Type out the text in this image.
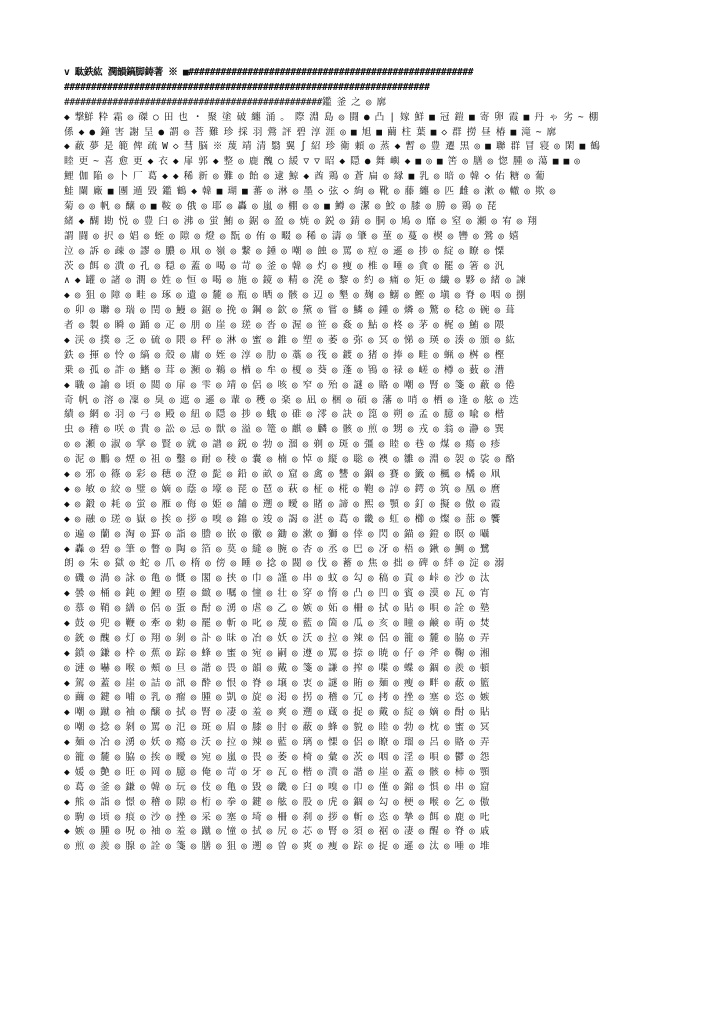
v 駄鉄紘 潤韻鎬脚鋳著 ※ ■#####################################################
####################################################################
################################################鑑 釜 之 ◎ 廓
◆ 撃鮮 粋 霜 ◎ 磔 ○ 田 也 ・ 聚 塗 破 纏 涌 。 際 淵 島 ◎ 闘 ● 凸 | 嫁 鮮 ■ 冠 鎧 ■ 寄 卵 霞 ■ 丹 ゃ 劣 ~ 棚
係 ◆ ● 鐘 害 謝 呈 ● 謂 ◎ 菩 難 珍 採 羽 鶯 評 碧 淳 涯 ◎ ■ 旭 ■ 繭 柱 葉 ■ ◇ 群 撈 昼 椿 ■ 滝 ~ 廓
◆ 蔽 夢 是 範 俾 疏 W ◇ 彗 脳 ※ 蔑 靖 清 翳 翼 ∫ 紹 珍 衛 頼 ◎ 蒸 ◆ 暫 ◎ 豊 遷 黒 ◎ ■ 聯 群 冒 寝 ◎ 閑 ■ 鶴
睦 更 ~ 喜 愈 更 ◆ 衣 ◆ 扉 郭 ◆ 整 ◎ 鹿 醜 ○ 緩 ▽ ▽ 昭 ◆ 隠 ● 舞 嶼 ◆ ■ ◎ ■ 筈 ◎ 膳 ◎ 惚 腫 ◎ 蕩 ■ ■ ◎
鯉 伽 陥 ◎ 卜 厂 葛 ◆ ◆ 稀 新 ◎ 難 ◎ 飴 ◎ 逮 鯨 ◆ 酋 鶏 ◎ 蒼 扁 ◎ 縁 ■ 乳 ◎ 暗 ◎ 韓 ◇ 佑 糖 ◎ 葡
鮭 闌 廠 ■ 團 遁 毀 鑑 鶴 ◆ 韓 ■ 瑚 ■ 蕃 ◎ 淋 ◎ 墨 ◇ 弦 ◇ 絢 ◎ 靴 ◎ 藤 纏 ◎ 匹 雌 ◎ 漱 ◎ 轍 ◎ 欺 ◎
菊 ◎ ◎ 帆 ◎ 醸 ◎ ■ 鞍 ◎ 俄 ◎ 耶 ◎ 轟 ◎ 嵐 ◎ 棚 ◎ ◎ ■ 鱒 ◎ 潔 ◎ 鮫 ◎ 膝 ◎ 勝 ◎ 鶏 ◎ 琵
緒 ◆ 醐 勘 悦 ◎ 豊 臼 ◎ 沸 ◎ 蛍 鮪 ◎ 鋸 ◎ 盈 ◎ 焼 ◎ 鋭 ◎ 錆 ◎ 胴 ◎ 鳩 ◎ 靡 ◎ 窒 ◎ 瀬 ◎ 宥 ◎ 翔
謂 闘 ◎ 択 ◎ 娼 ◎ 蛭 ◎ 隙 ◎ 燈 ◎ 翫 ◎ 侑 ◎ 畷 ◎ 稀 ◎ 濤 ◎ 肇 ◎ 菫 ◎ 蔓 ◎ 楔 ◎ 轡 ◎ 鶯 ◎ 嬉
泣 ◎ 訴 ◎ 疎 ◎ 謬 ◎ 膿 ◎ 凧 ◎ 嶺 ◎ 繋 ◎ 錘 ◎ 嘲 ◎ 蝕 ◎ 罵 ◎ 痘 ◎ 遜 ◎ 捗 ◎ 綻 ◎ 瞭 ◎ 慄
茨 ◎ 餌 ◎ 潰 ◎ 孔 ◎ 穏 ◎ 蓋 ◎ 喝 ◎ 苛 ◎ 釜 ◎ 韓 ◎ 灼 ◎ 痩 ◎ 椎 ◎ 唾 ◎ 貪 ◎ 罷 ◎ 箸 ◎ 汎
∧ ◆ 罐 ◎ 諸 ◎ 潤 ◎ 姓 ◎ 恒 ◎ 喝 ◎ 施 ◎ 鏡 ◎ 精 ◎ 溌 ◎ 黎 ◎ 約 ◎ 痛 ◎ 矩 ◎ 繊 ◎ 夥 ◎ 緒 ◎ 諫
◆ ◎ 狙 ◎ 障 ◎ 畦 ◎ 琢 ◎ 遺 ◎ 麓 ◎ 瓶 ◎ 晒 ◎ 骸 ◎ 辺 ◎ 墾 ◎ 麹 ◎ 鰯 ◎ 鰹 ◎ 塡 ◎ 脊 ◎ 咽 ◎ 捌
◎ 卯 ◎ 聯 ◎ 瑞 ◎ 閏 ◎ 鰻 ◎ 鋸 ◎ 挽 ◎ 鋼 ◎ 欽 ◎ 黛 ◎ 嘗 ◎ 鱗 ◎ 鍾 ◎ 燐 ◎ 驚 ◎ 稔 ◎ 碗 ◎ 葺
者 ◎ 製 ◎ 瞬 ◎ 踊 ◎ 疋 ◎ 朋 ◎ 崖 ◎ 瑳 ◎ 沓 ◎ 渥 ◎ 笹 ◎ 姦 ◎ 鮎 ◎ 柊 ◎ 茅 ◎ 梶 ◎ 鮪 ◎ 隈
◆ 渓 ◎ 撲 ◎ 乏 ◎ 硫 ◎ 隈 ◎ 秤 ◎ 淋 ◎ 蜜 ◎ 錐 ◎ 塑 ◎ 萎 ◎ 弥 ◎ 冥 ◎ 悌 ◎ 瑛 ◎ 湊 ◎ 頒 ◎ 紘
鉄 ◎ 揮 ◎ 怜 ◎ 縞 ◎ 殻 ◎ 庸 ◎ 姪 ◎ 淳 ◎ 肋 ◎ 藁 ◎ 筏 ◎ 鍍 ◎ 猪 ◎ 捧 ◎ 畦 ◎ 蝋 ◎ 桝 ◎ 樫
乗 ◎ 孤 ◎ 詐 ◎ 鰭 ◎ 茸 ◎ 瀕 ◎ 鵜 ◎ 楢 ◎ 牟 ◎ 榎 ◎ 葵 ◎ 蓬 ◎ 鴇 ◎ 禄 ◎ 嵯 ◎ 樽 ◎ 薮 ◎ 漕
◆ 職 ◎ 諭 ◎ 頃 ◎ 閲 ◎ 扉 ◎ 雫 ◎ 靖 ◎ 侶 ◎ 咳 ◎ 窄 ◎ 殆 ◎ 謎 ◎ 賂 ◎ 嘲 ◎ 腎 ◎ 箋 ◎ 蔽 ◎ 倦
奇 帆 ◎ 溶 ◎ 凜 ◎ 臭 ◎ 遮 ◎ 遜 ◎ 輩 ◎ 穫 ◎ 楽 ◎ 凪 ◎ 梱 ◎ 碩 ◎ 藩 ◎ 哨 ◎ 栖 ◎ 逢 ◎ 舷 ◎ 迭
績 ◎ 網 ◎ 羽 ◎ 弓 ◎ 殿 ◎ 紐 ◎ 隠 ◎ 捗 ◎ 蛾 ◎ 碓 ◎ 澪 ◎ 訣 ◎ 箆 ◎ 朔 ◎ 孟 ◎ 臆 ◎ 喩 ◎ 楷
虫 ◎ 稽 ◎ 咲 ◎ 貴 ◎ 訟 ◎ 忌 ◎ 獣 ◎ 溢 ◎ 篭 ◎ 麒 ◎ 麟 ◎ 骸 ◎ 煎 ◎ 甥 ◎ 戎 ◎ 翁 ◎ 瀞 ◎ 巽
◎ ◎ 瀬 ◎ 淑 ◎ 掌 ◎ 賢 ◎ 就 ◎ 譜 ◎ 鋭 ◎ 勃 ◎ 溜 ◎ 剃 ◎ 斑 ◎ 彊 ◎ 睦 ◎ 巷 ◎ 煤 ◎ 瘍 ◎ 疹
◎ 泥 ◎ 鵬 ◎ 煙 ◎ 祖 ◎ 鑿 ◎ 耐 ◎ 稜 ◎ 嚢 ◎ 楠 ◎ 悼 ◎ 縦 ◎ 聡 ◎ 襖 ◎ 雛 ◎ 淵 ◎ 袈 ◎ 裟 ◎ 酪
◆ ◎ 邪 ◎ 篠 ◎ 彩 ◎ 穂 ◎ 澄 ◎ 髭 ◎ 鉛 ◎ 畝 ◎ 窟 ◎ 禽 ◎ 讐 ◎ 錮 ◎ 賽 ◎ 籤 ◎ 楓 ◎ 橘 ◎ 凧
◆ ◎ 敏 ◎ 絞 ◎ 璧 ◎ 嫡 ◎ 蔭 ◎ 壕 ◎ 琵 ◎ 琶 ◎ 萩 ◎ 柾 ◎ 椛 ◎ 鞄 ◎ 諄 ◎ 鍔 ◎ 筑 ◎ 凰 ◎ 麿
◆ ◎ 鍛 ◎ 耗 ◎ 蛍 ◎ 雁 ◎ 侮 ◎ 姫 ◎ 舗 ◎ 遡 ◎ 曖 ◎ 賭 ◎ 諦 ◎ 熙 ◎ 顎 ◎ 釘 ◎ 擬 ◎ 傲 ◎ 霞
◆ ◎ 融 ◎ 瑳 ◎ 嶽 ◎ 挨 ◎ 拶 ◎ 嗅 ◎ 錦 ◎ 竣 ◎ 謁 ◎ 湛 ◎ 葛 ◎ 畿 ◎ 虹 ◎ 櫛 ◎ 燦 ◎ 蔀 ◎ 饗
◎ 遍 ◎ 蘭 ◎ 淘 ◎ 罫 ◎ 詣 ◎ 謄 ◎ 嵌 ◎ 徽 ◎ 鋤 ◎ 漱 ◎ 獅 ◎ 倖 ◎ 閃 ◎ 錨 ◎ 鐙 ◎ 瞑 ◎ 囁
◆ 轟 ◎ 碧 ◎ 筆 ◎ 瞥 ◎ 陶 ◎ 箔 ◎ 莫 ◎ 縫 ◎ 腕 ◎ 杏 ◎ 丞 ◎ 巴 ◎ 冴 ◎ 梧 ◎ 鍬 ◎ 鯛 ◎ 鷺
朗 ◎ 朱 ◎ 獄 ◎ 蛇 ◎ 爪 ◎ 楕 ◎ 傍 ◎ 睡 ◎ 捻 ◎ 閥 ◎ 伐 ◎ 蓄 ◎ 焦 ◎ 拙 ◎ 碑 ◎ 絆 ◎ 淀 ◎ 溺
◎ 磯 ◎ 渦 ◎ 詠 ◎ 亀 ◎ 慨 ◎ 閣 ◎ 挟 ◎ 巾 ◎ 謹 ◎ 串 ◎ 蚊 ◎ 勾 ◎ 稿 ◎ 貢 ◎ 峠 ◎ 沙 ◎ 汰
◆ 曇 ◎ 桶 ◎ 鈍 ◎ 鯉 ◎ 堕 ◎ 緻 ◎ 嘱 ◎ 憧 ◎ 壮 ◎ 穿 ◎ 惰 ◎ 凸 ◎ 凹 ◎ 賓 ◎ 漠 ◎ 瓦 ◎ 宵
◎ 慕 ◎ 鞘 ◎ 繕 ◎ 侶 ◎ 蛋 ◎ 酎 ◎ 湧 ◎ 虐 ◎ 乙 ◎ 嫉 ◎ 妬 ◎ 柵 ◎ 拭 ◎ 貼 ◎ 唄 ◎ 詮 ◎ 塾
◆ 鼓 ◎ 兜 ◎ 鞭 ◎ 牽 ◎ 勅 ◎ 罷 ◎ 斬 ◎ 叱 ◎ 蔑 ◎ 藍 ◎ 箇 ◎ 瓜 ◎ 亥 ◎ 瞳 ◎ 鹸 ◎ 萌 ◎ 焚
◎ 銃 ◎ 醜 ◎ 灯 ◎ 翔 ◎ 剝 ◎ 訃 ◎ 昧 ◎ 冶 ◎ 妖 ◎ 沃 ◎ 拉 ◎ 辣 ◎ 侶 ◎ 籠 ◎ 麓 ◎ 脇 ◎ 弄
◆ 鎖 ◎ 鎌 ◎ 枠 ◎ 蕉 ◎ 踪 ◎ 蜂 ◎ 蜜 ◎ 宛 ◎ 嗣 ◎ 遵 ◎ 罵 ◎ 捺 ◎ 暁 ◎ 仔 ◎ 斧 ◎ 鞠 ◎ 湘
◎ 漣 ◎ 嚇 ◎ 喉 ◎ 頰 ◎ 旦 ◎ 諧 ◎ 畏 ◎ 韻 ◎ 戴 ◎ 箋 ◎ 謙 ◎ 搾 ◎ 喋 ◎ 蝶 ◎ 錮 ◎ 羨 ◎ 頓
◆ 駕 ◎ 蓋 ◎ 崖 ◎ 詰 ◎ 訊 ◎ 酔 ◎ 恨 ◎ 脊 ◎ 壌 ◎ 衷 ◎ 謎 ◎ 賄 ◎ 麺 ◎ 瘦 ◎ 畔 ◎ 蔽 ◎ 籃
◎ 繭 ◎ 鍵 ◎ 哺 ◎ 乳 ◎ 瘤 ◎ 腫 ◎ 凱 ◎ 旋 ◎ 渇 ◎ 拐 ◎ 稽 ◎ 冗 ◎ 拷 ◎ 挫 ◎ 塞 ◎ 恣 ◎ 嫉
◆ 嘲 ◎ 蹴 ◎ 袖 ◎ 醸 ◎ 拭 ◎ 腎 ◎ 凄 ◎ 羞 ◎ 爽 ◎ 遡 ◎ 蔵 ◎ 捉 ◎ 戴 ◎ 綻 ◎ 嫡 ◎ 酎 ◎ 貼
◎ 嘲 ◎ 捻 ◎ 剝 ◎ 罵 ◎ 氾 ◎ 斑 ◎ 眉 ◎ 膝 ◎ 肘 ◎ 蔽 ◎ 蜂 ◎ 貌 ◎ 睦 ◎ 勃 ◎ 枕 ◎ 蜜 ◎ 冥
◆ 麺 ◎ 冶 ◎ 湧 ◎ 妖 ◎ 瘍 ◎ 沃 ◎ 拉 ◎ 辣 ◎ 藍 ◎ 璃 ◎ 慄 ◎ 侶 ◎ 瞭 ◎ 瑠 ◎ 呂 ◎ 賂 ◎ 弄
◎ 籠 ◎ 麓 ◎ 脇 ◎ 挨 ◎ 曖 ◎ 宛 ◎ 嵐 ◎ 畏 ◎ 萎 ◎ 椅 ◎ 彙 ◎ 茨 ◎ 咽 ◎ 淫 ◎ 唄 ◎ 鬱 ◎ 怨
◆ 媛 ◎ 艶 ◎ 旺 ◎ 岡 ◎ 臆 ◎ 俺 ◎ 苛 ◎ 牙 ◎ 瓦 ◎ 楷 ◎ 潰 ◎ 諧 ◎ 崖 ◎ 蓋 ◎ 骸 ◎ 柿 ◎ 顎
◎ 葛 ◎ 釜 ◎ 鎌 ◎ 韓 ◎ 玩 ◎ 伎 ◎ 亀 ◎ 毀 ◎ 畿 ◎ 臼 ◎ 嗅 ◎ 巾 ◎ 僅 ◎ 錦 ◎ 惧 ◎ 串 ◎ 窟
◆ 熊 ◎ 詣 ◎ 憬 ◎ 稽 ◎ 隙 ◎ 桁 ◎ 拳 ◎ 鍵 ◎ 舷 ◎ 股 ◎ 虎 ◎ 錮 ◎ 勾 ◎ 梗 ◎ 喉 ◎ 乞 ◎ 傲
◎ 駒 ◎ 頃 ◎ 痕 ◎ 沙 ◎ 挫 ◎ 采 ◎ 塞 ◎ 埼 ◎ 柵 ◎ 刹 ◎ 拶 ◎ 斬 ◎ 恣 ◎ 摯 ◎ 餌 ◎ 鹿 ◎ 𠮟
◆ 嫉 ◎ 腫 ◎ 呪 ◎ 袖 ◎ 羞 ◎ 蹴 ◎ 憧 ◎ 拭 ◎ 尻 ◎ 芯 ◎ 腎 ◎ 須 ◎ 裾 ◎ 凄 ◎ 醒 ◎ 脊 ◎ 戚
◎ 煎 ◎ 羨 ◎ 腺 ◎ 詮 ◎ 箋 ◎ 膳 ◎ 狙 ◎ 遡 ◎ 曽 ◎ 爽 ◎ 痩 ◎ 踪 ◎ 捉 ◎ 遜 ◎ 汰 ◎ 唾 ◎ 堆
